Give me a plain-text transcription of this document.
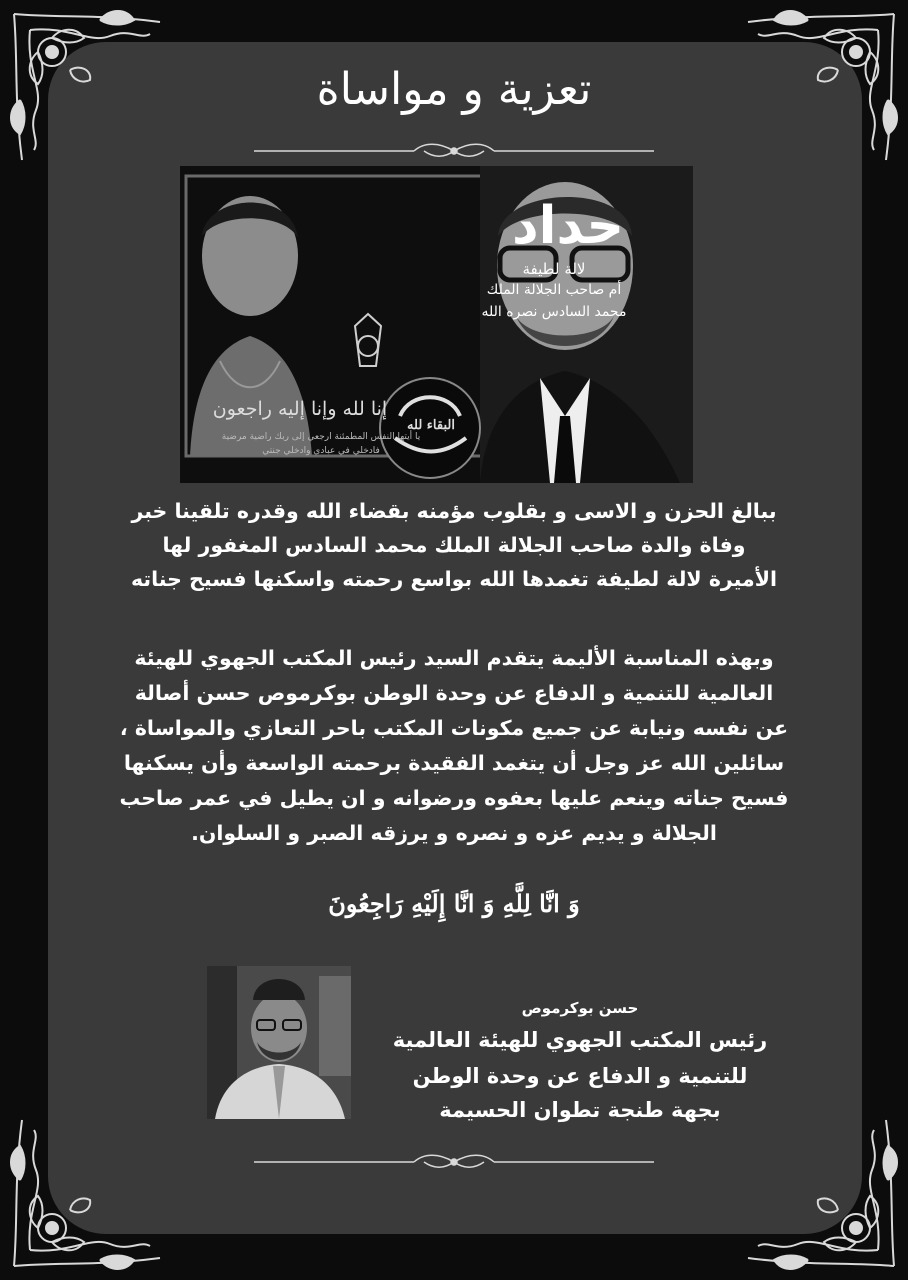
تعزية و مواساة
حداد
لالة لطيفة
أم صاحب الجلالة الملك
محمد السادس نصره الله
إنا لله وإنا إليه راجعون
يا أيتها النفس المطمئنة ارجعي إلى ربك راضية مرضية
فادخلي في عبادي وادخلي جنتي
البقاء لله
ببالغ الحزن و الاسى و بقلوب مؤمنه بقضاء الله وقدره تلقينا خبر
وفاة والدة صاحب الجلالة الملك محمد السادس المغفور لها
الأميرة لالة لطيفة تغمدها الله بواسع رحمته واسكنها فسيح جناته
وبهذه المناسبة الأليمة يتقدم السيد رئيس المكتب الجهوي للهيئة
العالمية للتنمية و الدفاع عن وحدة الوطن بوكرموص حسن أصالة
عن نفسه ونيابة عن جميع مكونات المكتب باحر التعازي والمواساة ،
سائلين الله عز وجل أن يتغمد الفقيدة برحمته الواسعة وأن يسكنها
فسيح جناته وينعم عليها بعفوه ورضوانه و ان يطيل في عمر صاحب
الجلالة و يديم عزه و نصره و يرزقه الصبر و السلوان.
وَ انَّا لِلَّهِ وَ انَّا إِلَيْهِ رَاجِعُونَ
حسن بوكرموص
رئيس المكتب الجهوي للهيئة العالمية
للتنمية و الدفاع عن وحدة الوطن
بجهة طنجة تطوان الحسيمة
